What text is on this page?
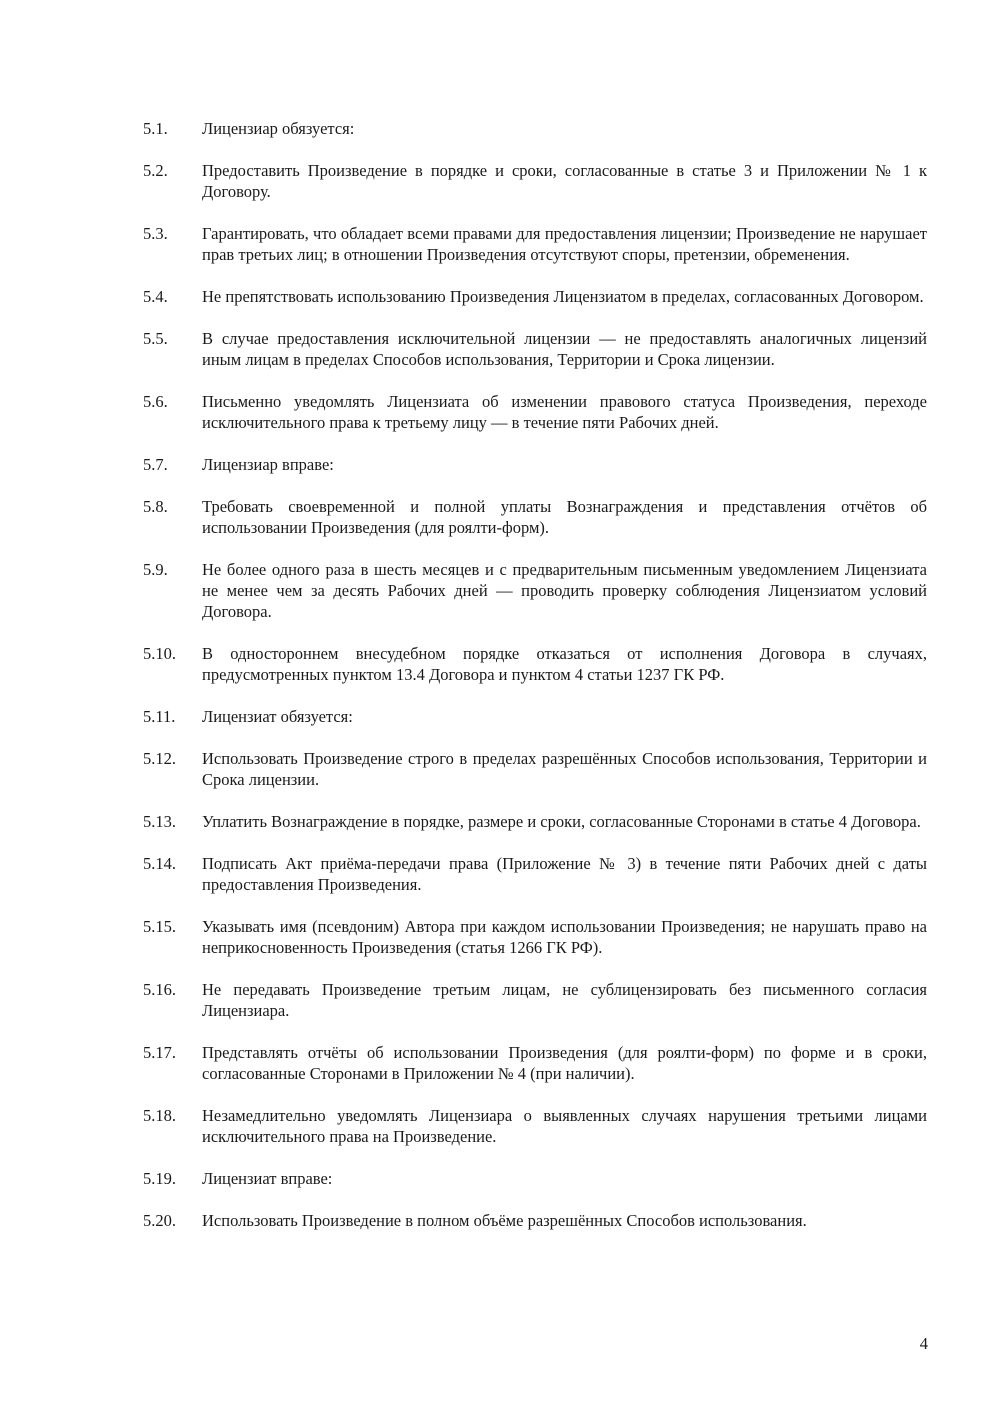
5.1.	Лицензиар обязуется:
5.2.	Предоставить Произведение в порядке и сроки, согласованные в статье 3 и Приложении № 1 к Договору.
5.3.	Гарантировать, что обладает всеми правами для предоставления лицензии; Произведение не нарушает прав третьих лиц; в отношении Произведения отсутствуют споры, претензии, обременения.
5.4.	Не препятствовать использованию Произведения Лицензиатом в пределах, согласованных Договором.
5.5.	В случае предоставления исключительной лицензии — не предоставлять аналогичных лицензий иным лицам в пределах Способов использования, Территории и Срока лицензии.
5.6.	Письменно уведомлять Лицензиата об изменении правового статуса Произведения, переходе исключительного права к третьему лицу — в течение пяти Рабочих дней.
5.7.	Лицензиар вправе:
5.8.	Требовать своевременной и полной уплаты Вознаграждения и представления отчётов об использовании Произведения (для роялти-форм).
5.9.	Не более одного раза в шесть месяцев и с предварительным письменным уведомлением Лицензиата не менее чем за десять Рабочих дней — проводить проверку соблюдения Лицензиатом условий Договора.
5.10.	В одностороннем внесудебном порядке отказаться от исполнения Договора в случаях, предусмотренных пунктом 13.4 Договора и пунктом 4 статьи 1237 ГК РФ.
5.11.	Лицензиат обязуется:
5.12.	Использовать Произведение строго в пределах разрешённых Способов использования, Территории и Срока лицензии.
5.13.	Уплатить Вознаграждение в порядке, размере и сроки, согласованные Сторонами в статье 4 Договора.
5.14.	Подписать Акт приёма-передачи права (Приложение № 3) в течение пяти Рабочих дней с даты предоставления Произведения.
5.15.	Указывать имя (псевдоним) Автора при каждом использовании Произведения; не нарушать право на неприкосновенность Произведения (статья 1266 ГК РФ).
5.16.	Не передавать Произведение третьим лицам, не сублицензировать без письменного согласия Лицензиара.
5.17.	Представлять отчёты об использовании Произведения (для роялти-форм) по форме и в сроки, согласованные Сторонами в Приложении № 4 (при наличии).
5.18.	Незамедлительно уведомлять Лицензиара о выявленных случаях нарушения третьими лицами исключительного права на Произведение.
5.19.	Лицензиат вправе:
5.20.	Использовать Произведение в полном объёме разрешённых Способов использования.
4
